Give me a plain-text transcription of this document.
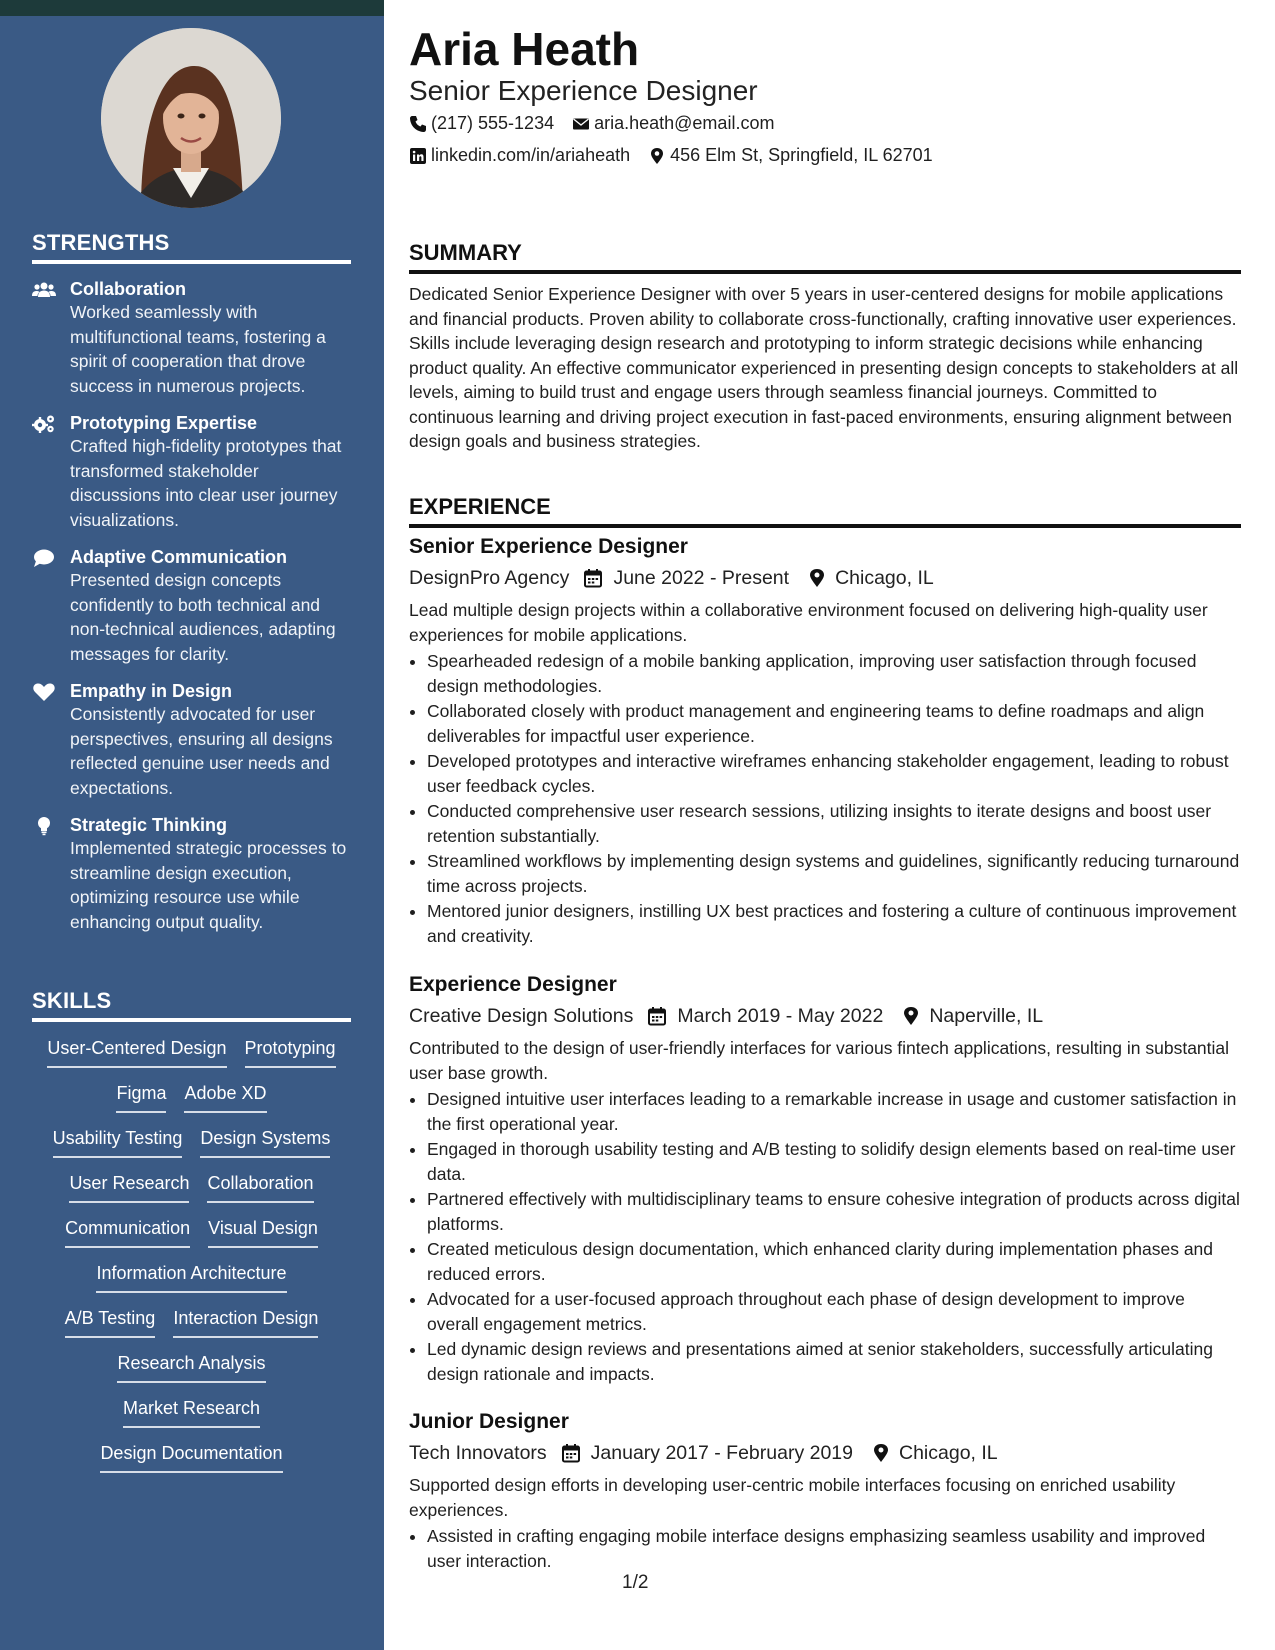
STRENGTHS
Collaboration
Worked seamlessly with multifunctional teams, fostering a spirit of cooperation that drove success in numerous projects.
Prototyping Expertise
Crafted high-fidelity prototypes that transformed stakeholder discussions into clear user journey visualizations.
Adaptive Communication
Presented design concepts confidently to both technical and non-technical audiences, adapting messages for clarity.
Empathy in Design
Consistently advocated for user perspectives, ensuring all designs reflected genuine user needs and expectations.
Strategic Thinking
Implemented strategic processes to streamline design execution, optimizing resource use while enhancing output quality.
SKILLS
User-Centered Design Prototyping
Figma Adobe XD
Usability Testing Design Systems
User Research Collaboration
Communication Visual Design
Information Architecture
A/B Testing Interaction Design
Research Analysis
Market Research
Design Documentation
Aria Heath
Senior Experience Designer
(217) 555-1234 aria.heath@email.com
linkedin.com/in/ariaheath 456 Elm St, Springfield, IL 62701
SUMMARY
Dedicated Senior Experience Designer with over 5 years in user-centered designs for mobile applications and financial products. Proven ability to collaborate cross-functionally, crafting innovative user experiences. Skills include leveraging design research and prototyping to inform strategic decisions while enhancing product quality. An effective communicator experienced in presenting design concepts to stakeholders at all levels, aiming to build trust and engage users through seamless financial journeys. Committed to continuous learning and driving project execution in fast-paced environments, ensuring alignment between design goals and business strategies.
EXPERIENCE
Senior Experience Designer
DesignPro Agency June 2022 - Present Chicago, IL
Lead multiple design projects within a collaborative environment focused on delivering high-quality user experiences for mobile applications.
• Spearheaded redesign of a mobile banking application, improving user satisfaction through focused design methodologies.
• Collaborated closely with product management and engineering teams to define roadmaps and align deliverables for impactful user experience.
• Developed prototypes and interactive wireframes enhancing stakeholder engagement, leading to robust user feedback cycles.
• Conducted comprehensive user research sessions, utilizing insights to iterate designs and boost user retention substantially.
• Streamlined workflows by implementing design systems and guidelines, significantly reducing turnaround time across projects.
• Mentored junior designers, instilling UX best practices and fostering a culture of continuous improvement and creativity.
Experience Designer
Creative Design Solutions March 2019 - May 2022 Naperville, IL
Contributed to the design of user-friendly interfaces for various fintech applications, resulting in substantial user base growth.
• Designed intuitive user interfaces leading to a remarkable increase in usage and customer satisfaction in the first operational year.
• Engaged in thorough usability testing and A/B testing to solidify design elements based on real-time user data.
• Partnered effectively with multidisciplinary teams to ensure cohesive integration of products across digital platforms.
• Created meticulous design documentation, which enhanced clarity during implementation phases and reduced errors.
• Advocated for a user-focused approach throughout each phase of design development to improve overall engagement metrics.
• Led dynamic design reviews and presentations aimed at senior stakeholders, successfully articulating design rationale and impacts.
Junior Designer
Tech Innovators January 2017 - February 2019 Chicago, IL
Supported design efforts in developing user-centric mobile interfaces focusing on enriched usability experiences.
• Assisted in crafting engaging mobile interface designs emphasizing seamless usability and improved user interaction.
1/2
